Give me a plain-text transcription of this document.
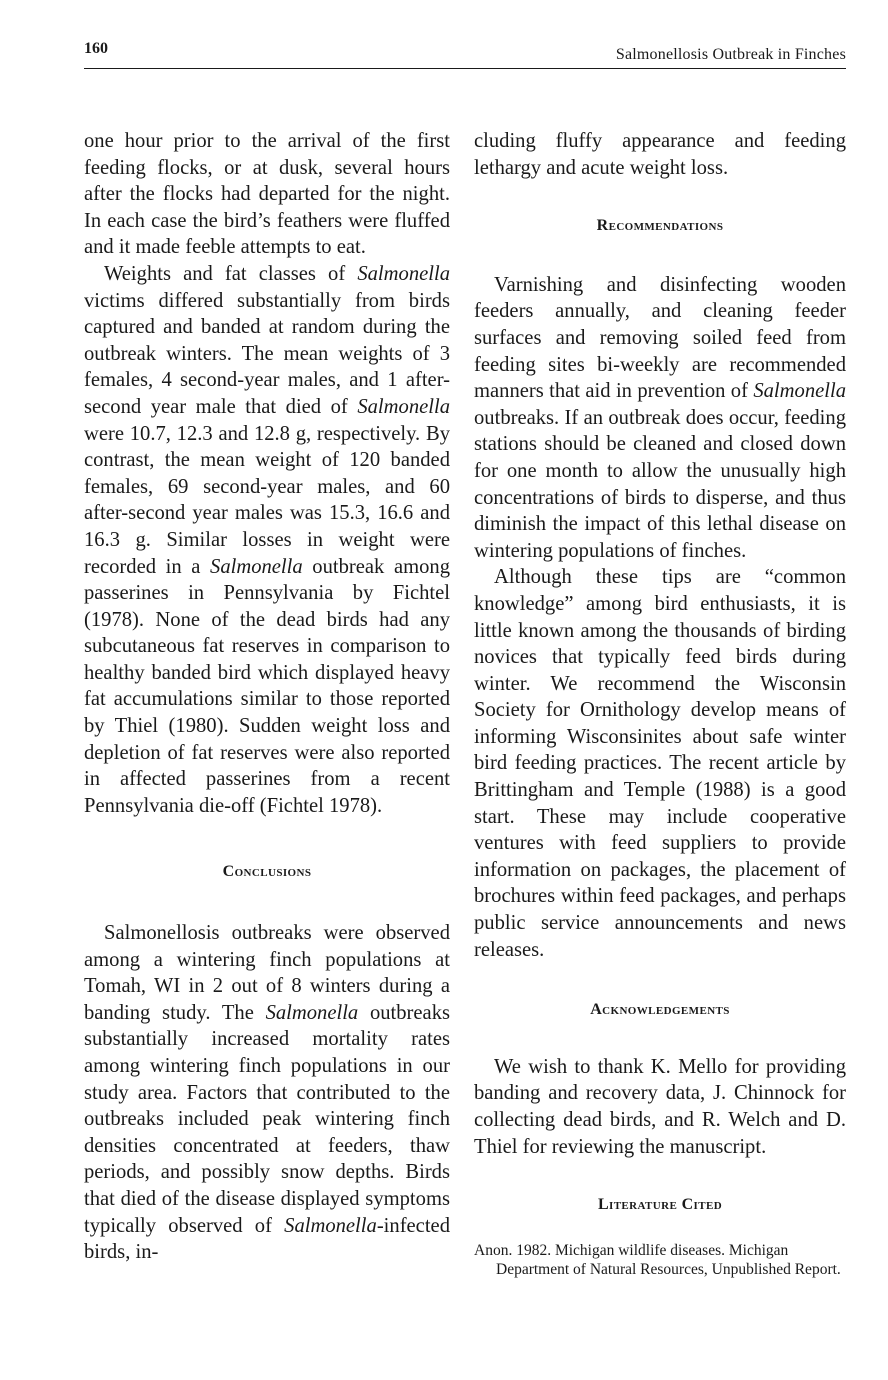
160	Salmonellosis Outbreak in Finches

one hour prior to the arrival of the first feeding flocks, or at dusk, several hours after the flocks had departed for the night. In each case the bird’s feathers were fluffed and it made feeble attempts to eat.

Weights and fat classes of Salmonella victims differed substantially from birds captured and banded at random during the outbreak winters. The mean weights of 3 females, 4 second-year males, and 1 after-second year male that died of Salmonella were 10.7, 12.3 and 12.8 g, respectively. By contrast, the mean weight of 120 banded females, 69 second-year males, and 60 after-second year males was 15.3, 16.6 and 16.3 g. Similar losses in weight were recorded in a Salmonella outbreak among passerines in Pennsylvania by Fichtel (1978). None of the dead birds had any subcutaneous fat reserves in comparison to healthy banded bird which displayed heavy fat accumulations similar to those reported by Thiel (1980). Sudden weight loss and depletion of fat reserves were also reported in affected passerines from a recent Pennsylvania die-off (Fichtel 1978).

Conclusions

Salmonellosis outbreaks were observed among a wintering finch populations at Tomah, WI in 2 out of 8 winters during a banding study. The Salmonella outbreaks substantially increased mortality rates among wintering finch populations in our study area. Factors that contributed to the outbreaks included peak wintering finch densities concentrated at feeders, thaw periods, and possibly snow depths. Birds that died of the disease displayed symptoms typically observed of Salmonella-infected birds, in-

cluding fluffy appearance and feeding lethargy and acute weight loss.

Recommendations

Varnishing and disinfecting wooden feeders annually, and cleaning feeder surfaces and removing soiled feed from feeding sites bi-weekly are recommended manners that aid in prevention of Salmonella outbreaks. If an outbreak does occur, feeding stations should be cleaned and closed down for one month to allow the unusually high concentrations of birds to disperse, and thus diminish the impact of this lethal disease on wintering populations of finches.

Although these tips are “common knowledge” among bird enthusiasts, it is little known among the thousands of birding novices that typically feed birds during winter. We recommend the Wisconsin Society for Ornithology develop means of informing Wisconsinites about safe winter bird feeding practices. The recent article by Brittingham and Temple (1988) is a good start. These may include cooperative ventures with feed suppliers to provide information on packages, the placement of brochures within feed packages, and perhaps public service announcements and news releases.

Acknowledgements

We wish to thank K. Mello for providing banding and recovery data, J. Chinnock for collecting dead birds, and R. Welch and D. Thiel for reviewing the manuscript.

Literature Cited

Anon. 1982. Michigan wildlife diseases. Michigan Department of Natural Resources, Unpublished Report.
